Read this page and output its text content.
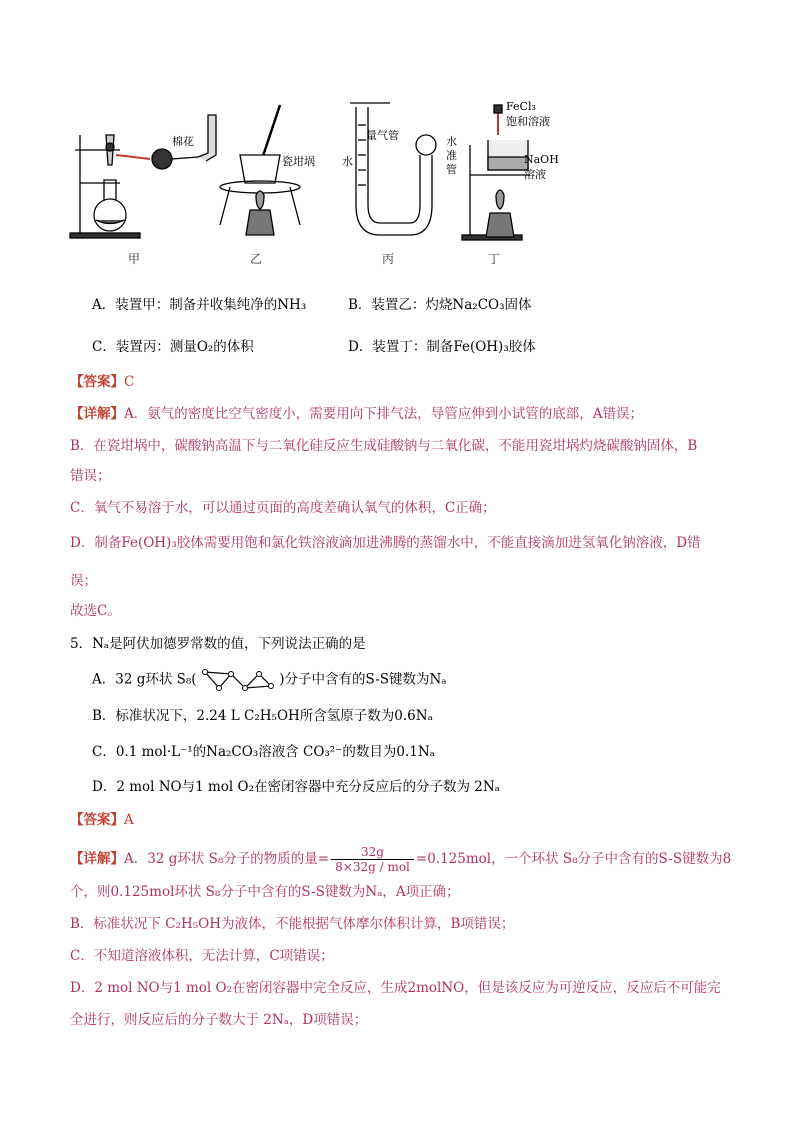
棉花
瓷坩埚
量气管
水
水准管
FeCl₃
饱和溶液
NaOH
溶液
甲	乙	丙	丁
A．装置甲：制备并收集纯净的NH₃	B．装置乙：灼烧Na₂CO₃固体
C．装置丙：测量O₂的体积	D．装置丁：制备Fe(OH)₃胶体
【答案】C
【详解】A．氨气的密度比空气密度小，需要用向下排气法，导管应伸到小试管的底部，A错误；
B．在瓷坩埚中，碳酸钠高温下与二氧化硅反应生成硅酸钠与二氧化碳，不能用瓷坩埚灼烧碳酸钠固体，B
错误；
C．氧气不易溶于水，可以通过页面的高度差确认氧气的体积，C正确；
D．制备Fe(OH)₃胶体需要用饱和氯化铁溶液滴加进沸腾的蒸馏水中，不能直接滴加进氢氧化钠溶液，D错
误；
故选C。
5．Nₐ是阿伏加德罗常数的值，下列说法正确的是
A．32 g环状 S₈(	)分子中含有的S-S键数为Nₐ
B．标准状况下，2.24 L C₂H₅OH所含氢原子数为0.6Nₐ
C．0.1 mol·L⁻¹的Na₂CO₃溶液含 CO₃²⁻的数目为0.1Nₐ
D．2 mol NO与1 mol O₂在密闭容器中充分反应后的分子数为 2Nₐ
【答案】A
【详解】A．32 g环状 S₈分子的物质的量= $\frac{32g}{\text{8×32g / mol}} =0.125mol$，一个环状 S₈分子中含有的S-S键数为8
个，则0.125mol环状 S₈分子中含有的S-S键数为Nₐ，A项正确；
B．标准状况下 C₂H₅OH为液体，不能根据气体摩尔体积计算，B项错误；
C．不知道溶液体积，无法计算，C项错误；
D．2 mol NO与1 mol O₂在密闭容器中完全反应，生成2molNO，但是该反应为可逆反应，反应后不可能完
全进行，则反应后的分子数大于 2Nₐ，D项错误；
